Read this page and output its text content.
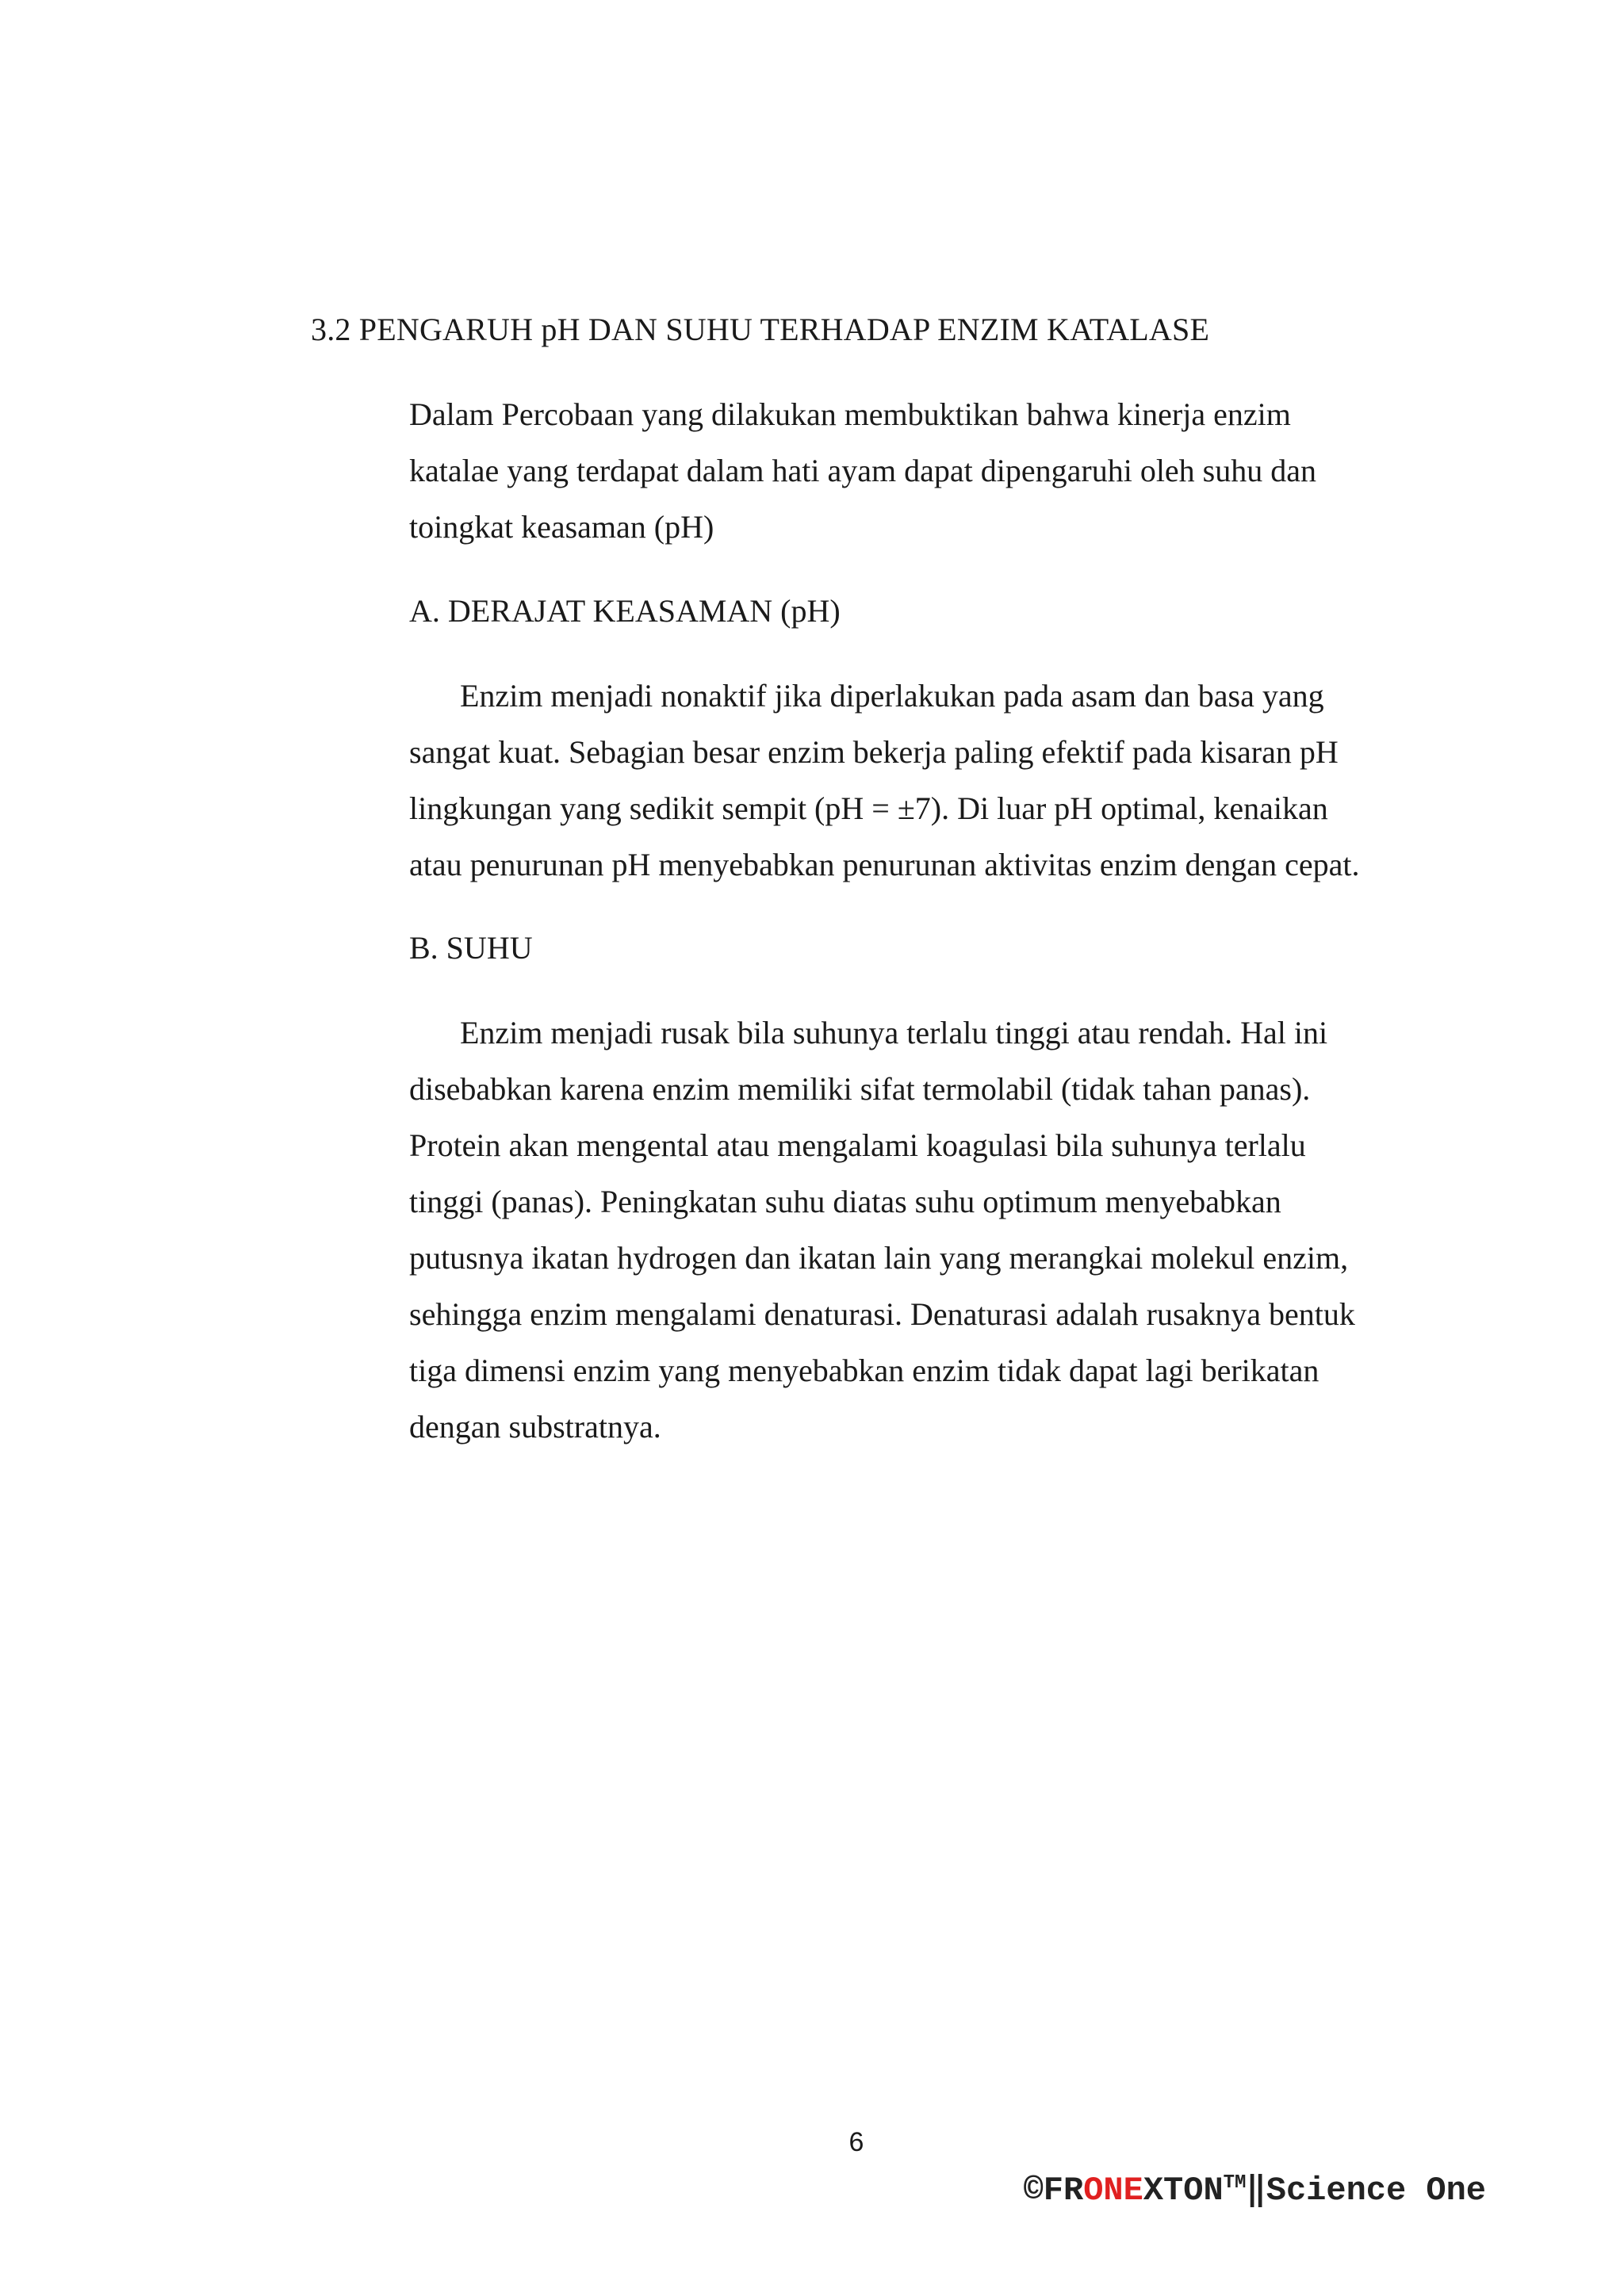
3.2 PENGARUH pH DAN SUHU TERHADAP ENZIM KATALASE
Dalam Percobaan yang dilakukan membuktikan bahwa kinerja enzim
katalae yang terdapat dalam hati ayam dapat dipengaruhi oleh suhu dan
toingkat keasaman (pH)
A. DERAJAT KEASAMAN (pH)
Enzim menjadi nonaktif jika diperlakukan pada asam dan basa yang
sangat kuat. Sebagian besar enzim bekerja paling efektif pada kisaran pH
lingkungan yang sedikit sempit (pH = ±7). Di luar pH optimal, kenaikan
atau penurunan pH menyebabkan penurunan aktivitas enzim dengan cepat.
B. SUHU
Enzim menjadi rusak bila suhunya terlalu tinggi atau rendah. Hal ini
disebabkan karena enzim memiliki sifat termolabil (tidak tahan panas).
Protein akan mengental atau mengalami koagulasi bila suhunya terlalu
tinggi (panas). Peningkatan suhu diatas suhu optimum menyebabkan
putusnya ikatan hydrogen dan ikatan lain yang merangkai molekul enzim,
sehingga enzim mengalami denaturasi. Denaturasi adalah rusaknya bentuk
tiga dimensi enzim yang menyebabkan enzim tidak dapat lagi berikatan
dengan substratnya.
6
©FRONEXTON™‖Science One
